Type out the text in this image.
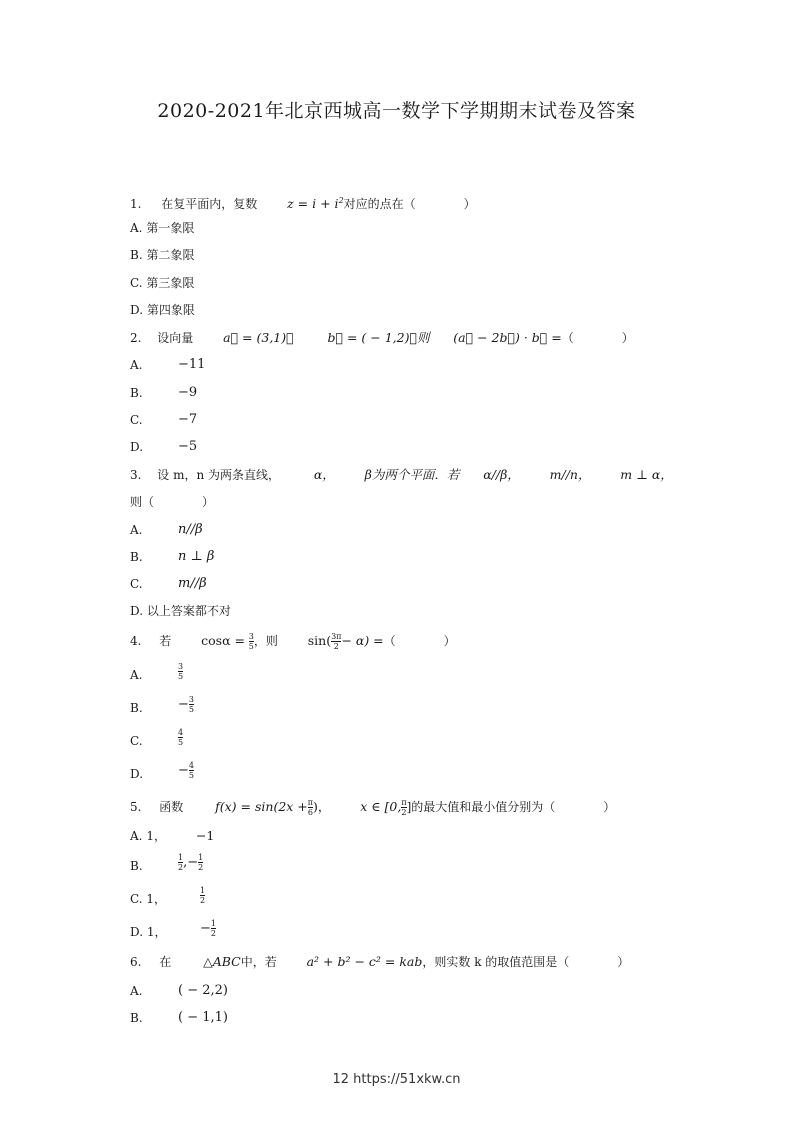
2020-2021年北京西城高一数学下学期期末试卷及答案
1. 在复平面内，复数 $z = i + i^2$对应的点在（　　　　）
A. 第一象限
B. 第二象限
C. 第三象限
D. 第四象限
2. 设向量 a⃗ = (3,1)，	b⃗ = ( − 1,2)，则 (a⃗ − 2b⃗) · b⃗ =（　　　　）
A.	−11
B.	−9
C.	−7
D.	−5
3. 设 m，n 为两条直线，	α， β为两个平面．若 α//β， m//n， m ⊥ α，
则（　　　　）
A.	n//β
B.	n ⊥ β
C.	m//β
D. 以上答案都不对
4. 若 $\cos\alpha = \frac{3}{5}$ ，则 $\sin( \frac{3\pi}{2} - \alpha)$ =（　　　　）
A.	$\frac{3}{5}$
B.	− $\frac{3}{5}$
C.	$\frac{4}{5}$
D.	− $\frac{4}{5}$
5. 函数	$f(x) = \sin(2x + \frac{\pi}{6}$ )， x ∈ [0, $\frac{\pi}{2}$ ]的最大值和最小值分别为（　　　　）
A. 1， −1
B.	$\frac{1}{2}$ ,− $\frac{1}{2}$
C. 1，	$\frac{1}{2}$
D. 1，	− $\frac{1}{2}$
6. 在	△ABC中，若 a² + b² − c² = kab，则实数 k 的取值范围是（　　　　）
A.	( − 2,2)
B.	( − 1,1)
12 https://51xkw.cn
